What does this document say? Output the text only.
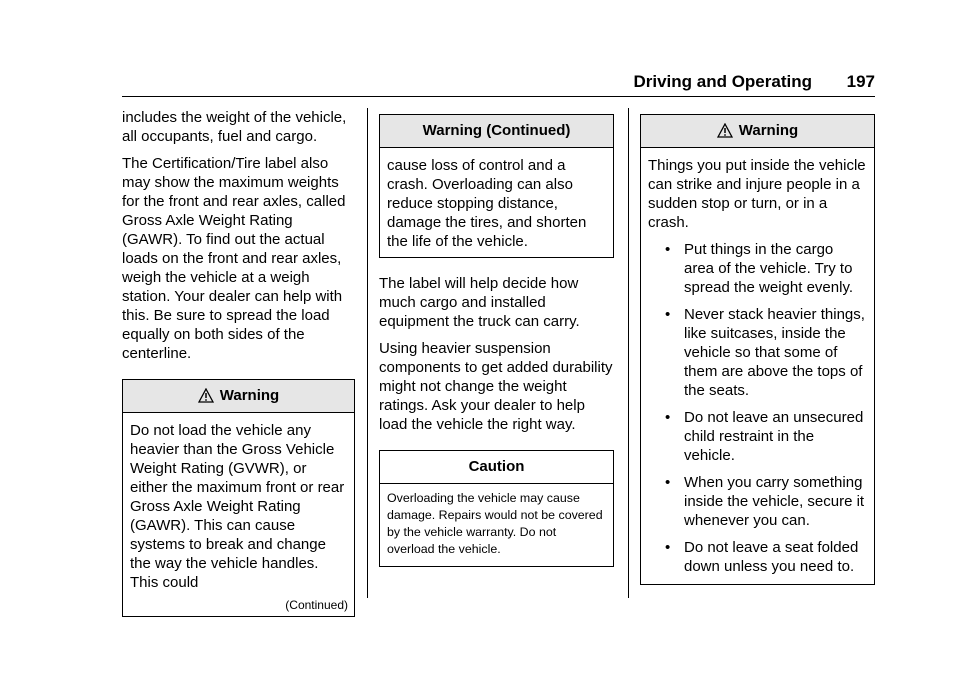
Driving and Operating	197

includes the weight of the vehicle, all occupants, fuel and cargo.

The Certification/Tire label also may show the maximum weights for the front and rear axles, called Gross Axle Weight Rating (GAWR). To find out the actual loads on the front and rear axles, weigh the vehicle at a weigh station. Your dealer can help with this. Be sure to spread the load equally on both sides of the centerline.

Warning
Do not load the vehicle any heavier than the Gross Vehicle Weight Rating (GVWR), or either the maximum front or rear Gross Axle Weight Rating (GAWR). This can cause systems to break and change the way the vehicle handles. This could
(Continued)
Warning (Continued)
cause loss of control and a crash. Overloading can also reduce stopping distance, damage the tires, and shorten the life of the vehicle.

The label will help decide how much cargo and installed equipment the truck can carry.

Using heavier suspension components to get added durability might not change the weight ratings. Ask your dealer to help load the vehicle the right way.

Caution
Overloading the vehicle may cause damage. Repairs would not be covered by the vehicle warranty. Do not overload the vehicle.
Warning
Things you put inside the vehicle can strike and injure people in a sudden stop or turn, or in a crash.
• Put things in the cargo area of the vehicle. Try to spread the weight evenly.
• Never stack heavier things, like suitcases, inside the vehicle so that some of them are above the tops of the seats.
• Do not leave an unsecured child restraint in the vehicle.
• When you carry something inside the vehicle, secure it whenever you can.
• Do not leave a seat folded down unless you need to.
